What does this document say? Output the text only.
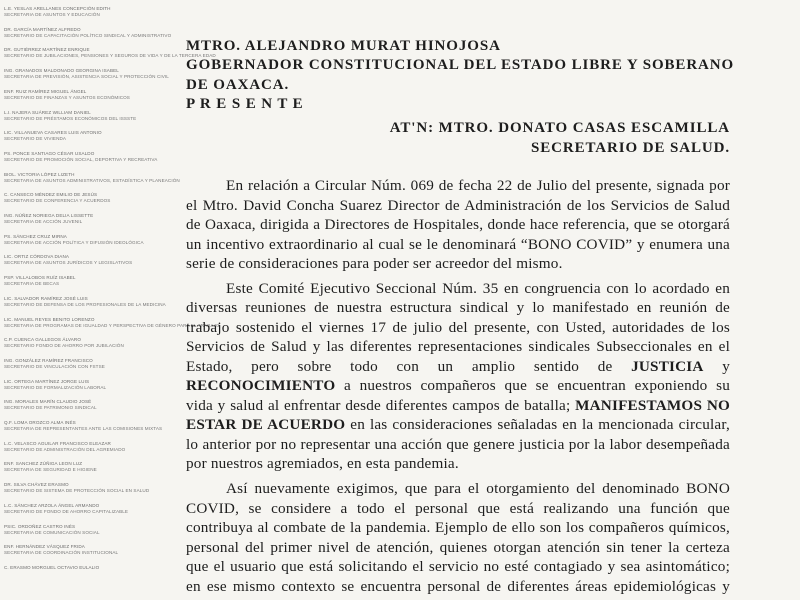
L.E. YESLAS ARELLANES CONCEPCIÓN EDITH
SECRETARIA DE ASUNTOS Y EDUCACIÓN
DR. GARCÍA MARTÍNEZ ALFREDO
SECRETARIO DE CAPACITACIÓN POLÍTICO SINDICAL Y ADMINISTRATIVO
DR. GUTIÉRREZ MARTÍNEZ ENRIQUE
SECRETARIO DE JUBILACIONES, PENSIONES Y SEGUROS DE VIDA Y DE LA TERCERA EDAD
ING. GRANADOS MALDONADO GEORGINA ISABEL
SECRETARIA DE PREVISIÓN, ASISTENCIA SOCIAL Y PROTECCIÓN CIVIL
ENF. RUIZ RAMÍREZ MIGUEL ÁNGEL
SECRETARIO DE FINANZAS Y ASUNTOS ECONÓMICOS
L.I. NAJERA SUÁREZ WILLIAM DANIEL
SECRETARIO DE PRÉSTAMOS ECONÓMICOS DEL ISSSTE
LIC. VILLANUEVA CASARES LUIS ANTONIO
SECRETARIO DE VIVIENDA
PS. PONCE SANTIAGO CÉSAR USALDO
SECRETARIO DE PROMOCIÓN SOCIAL, DEPORTIVA Y RECREATIVA
BIOL. VICTORIA LÓPEZ LIZETH
SECRETARIA DE ASUNTOS ADMINISTRATIVOS, ESTADÍSTICA Y PLANEACIÓN
C. CANSECO MÉNDEZ EMILIO DE JESÚS
SECRETARIO DE CONFERENCIA Y ACUERDOS
ING. NÚÑEZ NORIEGA DELIA LISSETTE
SECRETARIA DE ACCIÓN JUVENIL
PS. SÁNCHEZ CRUZ MIRNA
SECRETARIA DE ACCIÓN POLÍTICA Y DIFUSIÓN IDEOLÓGICA
LIC. ORTIZ CÓRDOVA DIANA
SECRETARIA DE ASUNTOS JURÍDICOS Y LEGISLATIVOS
PSP. VILLALOBOS RUÍZ ISABEL
SECRETARIA DE BECAS
LIC. SALVADOR RAMÍREZ JOSÉ LUIS
SECRETARIO DE DEFENSA DE LOS PROFESIONALES DE LA MEDICINA
LIC. MANUEL REYES BENITO LORENZO
SECRETARIA DE PROGRAMAS DE IGUALDAD Y PERSPECTIVA DE GÉNERO PARA EL TRABAJO
C.P. CUENCA GALLEGOS ÁLVARO
SECRETARIO FONDO DE AHORRO POR JUBILACIÓN
ING. GONZÁLEZ RAMÍREZ FRANCISCO
SECRETARIO DE VINCULACIÓN CON FSTSE
LIC. ORTEGA MARTÍNEZ JORGE LUIS
SECRETARIO DE FORMALIZACIÓN LABORAL
ING. MORALES MARÍN CLAUDIO JOSÉ
SECRETARIO DE PATRIMONIO SINDICAL
Q.F. LOMA OROZCO ALMA INÉS
SECRETARIA DE REPRESENTANTES ANTE LAS COMISIONES MIXTAS
L.C. VELASCO AGUILAR FRANCISCO ELEAZAR
SECRETARIO DE ADMINISTRACIÓN DEL AGREMIADO
ENF. SANCHEZ ZÚÑIGA LEON LUZ
SECRETARIA DE SEGURIDAD E HIGIENE
DR. SILVA CHÁVEZ ERASMO
SECRETARIO DE SISTEMA DE PROTECCIÓN SOCIAL EN SALUD
L.C. SÁNCHEZ ARZOLA ÁNGEL ARMANDO
SECRETARIO DE FONDO DE AHORRO CAPITALIZABLE
PSIC. ORDOÑEZ CASTRO INÉS
SECRETARIA DE COMUNICACIÓN SOCIAL
ENF. HERNÁNDEZ VÁSQUEZ FRIDA
SECRETARIA DE COORDINACIÓN INSTITUCIONAL
C. ERASMO MORGUEL OCTAVIO EULALIO
MTRO. ALEJANDRO MURAT HINOJOSA
GOBERNADOR CONSTITUCIONAL DEL ESTADO LIBRE Y SOBERANO
DE OAXACA.
P R E S E N T E
AT'N: MTRO. DONATO CASAS ESCAMILLA
SECRETARIO DE SALUD.
En relación a Circular Núm. 069 de fecha 22 de Julio del presente, signada por
el Mtro. David Concha Suarez Director de Administración de los Servicios de Salud
de Oaxaca, dirigida a Directores de Hospitales, donde hace referencia, que se otorgará
un incentivo extraordinario al cual se le denominará “BONO COVID” y enumera una
serie de consideraciones para poder ser acreedor del mismo.
Este Comité Ejecutivo Seccional Núm. 35 en congruencia con lo acordado en
diversas reuniones de nuestra estructura sindical y lo manifestado en reunión de
trabajo sostenido el viernes 17 de julio del presente, con Usted, autoridades de los
Servicios de Salud y las diferentes representaciones sindicales Subseccionales en el
Estado, pero sobre todo con un amplio sentido de JUSTICIA y
RECONOCIMIENTO a nuestros compañeros que se encuentran exponiendo su
vida y salud al enfrentar desde diferentes campos de batalla; MANIFESTAMOS NO
ESTAR DE ACUERDO en las consideraciones señaladas en la mencionada circular,
lo anterior por no representar una acción que genere justicia por la labor desempeñada
por nuestros agremiados, en esta pandemia.
Así nuevamente exigimos, que para el otorgamiento del denominado BONO
COVID, se considere a todo el personal que está realizando una función que
contribuya al combate de la pandemia. Ejemplo de ello son los compañeros químicos,
personal del primer nivel de atención, quienes otorgan atención sin tener la certeza
que el usuario que está solicitando el servicio no esté contagiado y sea asintomático;
en ese mismo contexto se encuentra personal de diferentes áreas epidemiológicas y
